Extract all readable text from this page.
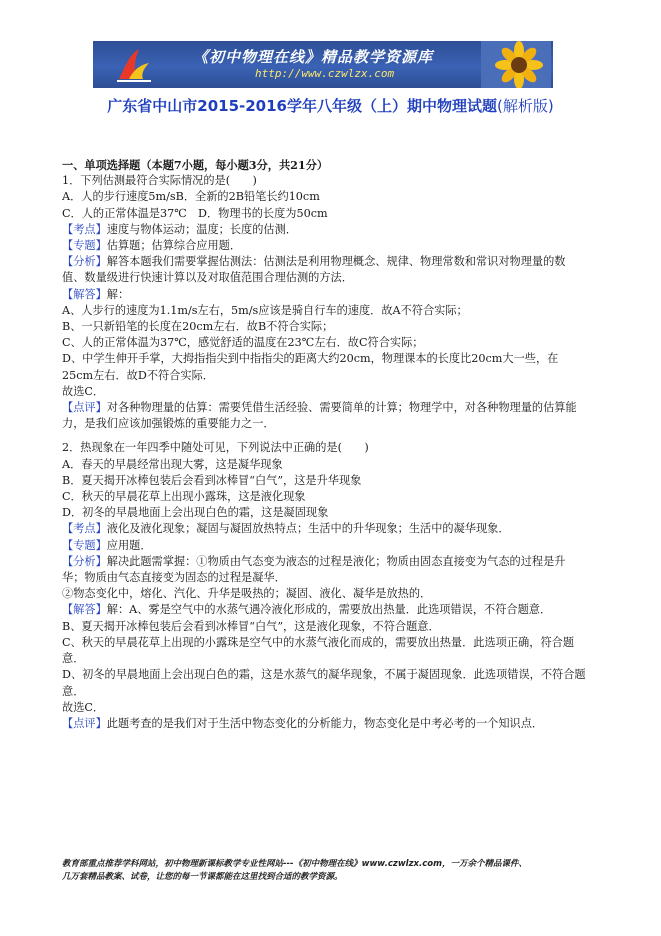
《初中物理在线》精品教学资源库
http://www.czwlzx.com
广东省中山市2015-2016学年八年级（上）期中物理试题(解析版)
一、单项选择题（本题7小题，每小题3分，共21分）
1．下列估测最符合实际情况的是(　　)
A．人的步行速度5m/sB．全新的2B铅笔长约10cm
C．人的正常体温是37℃　D．物理书的长度为50cm
【考点】速度与物体运动；温度；长度的估测．
【专题】估算题；估算综合应用题．
【分析】解答本题我们需要掌握估测法：估测法是利用物理概念、规律、物理常数和常识对物理量的数值、数量级进行快速计算以及对取值范围合理估测的方法．
【解答】解：
A、人步行的速度为1.1m/s左右，5m/s应该是骑自行车的速度．故A不符合实际；
B、一只新铅笔的长度在20cm左右．故B不符合实际；
C、人的正常体温为37℃，感觉舒适的温度在23℃左右．故C符合实际；
D、中学生伸开手掌，大拇指指尖到中指指尖的距离大约20cm，物理课本的长度比20cm大一些，在25cm左右．故D不符合实际．
故选C．
【点评】对各种物理量的估算：需要凭借生活经验、需要简单的计算；物理学中，对各种物理量的估算能力，是我们应该加强锻炼的重要能力之一．
2．热现象在一年四季中随处可见，下列说法中正确的是(　　)
A．春天的早晨经常出现大雾，这是凝华现象
B．夏天揭开冰棒包装后会看到冰棒冒“白气”，这是升华现象
C．秋天的早晨花草上出现小露珠，这是液化现象
D．初冬的早晨地面上会出现白色的霜，这是凝固现象
【考点】液化及液化现象；凝固与凝固放热特点；生活中的升华现象；生活中的凝华现象．
【专题】应用题．
【分析】解决此题需掌握：①物质由气态变为液态的过程是液化；物质由固态直接变为气态的过程是升华；物质由气态直接变为固态的过程是凝华．
②物态变化中，熔化、汽化、升华是吸热的；凝固、液化、凝华是放热的．
【解答】解：A、雾是空气中的水蒸气遇冷液化形成的，需要放出热量．此选项错误，不符合题意．
B、夏天揭开冰棒包装后会看到冰棒冒“白气”，这是液化现象，不符合题意．
C、秋天的早晨花草上出现的小露珠是空气中的水蒸气液化而成的，需要放出热量．此选项正确，符合题意．
D、初冬的早晨地面上会出现白色的霜，这是水蒸气的凝华现象，不属于凝固现象．此选项错误，不符合题意．
故选C．
【点评】此题考查的是我们对于生活中物态变化的分析能力，物态变化是中考必考的一个知识点．
教育部重点推荐学科网站，初中物理新课标教学专业性网站---《初中物理在线》www.czwlzx.com，一万余个精品课件、
几万套精品教案、试卷，让您的每一节课都能在这里找到合适的教学资源。
